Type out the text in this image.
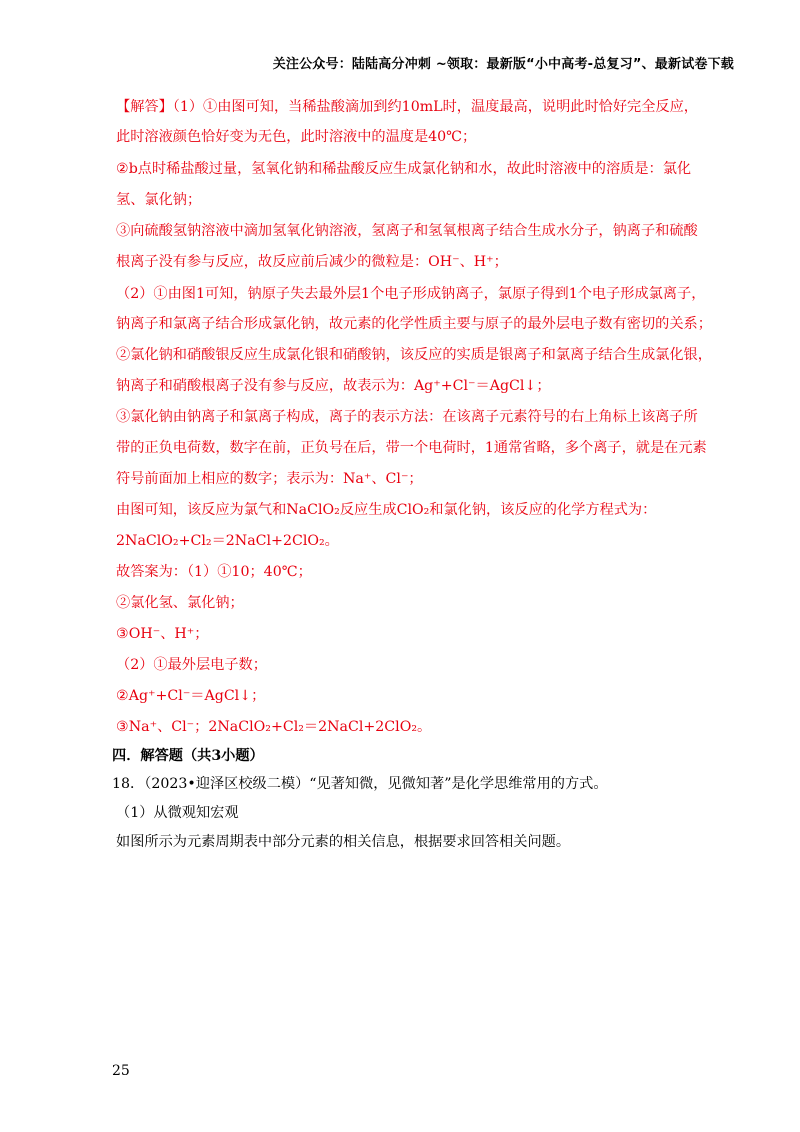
关注公众号：陆陆高分冲刺 ~领取：最新版“小中高考-总复习”、最新试卷下载
【解答】（1）①由图可知，当稀盐酸滴加到约10mL时，温度最高，说明此时恰好完全反应，
此时溶液颜色恰好变为无色，此时溶液中的温度是40℃；
②b点时稀盐酸过量，氢氧化钠和稀盐酸反应生成氯化钠和水，故此时溶液中的溶质是：氯化
氢、氯化钠；
③向硫酸氢钠溶液中滴加氢氧化钠溶液，氢离子和氢氧根离子结合生成水分子，钠离子和硫酸
根离子没有参与反应，故反应前后减少的微粒是：OH⁻、H⁺；
（2）①由图1可知，钠原子失去最外层1个电子形成钠离子，氯原子得到1个电子形成氯离子，
钠离子和氯离子结合形成氯化钠，故元素的化学性质主要与原子的最外层电子数有密切的关系；
②氯化钠和硝酸银反应生成氯化银和硝酸钠，该反应的实质是银离子和氯离子结合生成氯化银，
钠离子和硝酸根离子没有参与反应，故表示为：Ag⁺+Cl⁻＝AgCl↓；
③氯化钠由钠离子和氯离子构成，离子的表示方法：在该离子元素符号的右上角标上该离子所
带的正负电荷数，数字在前，正负号在后，带一个电荷时，1通常省略，多个离子，就是在元素
符号前面加上相应的数字；表示为：Na⁺、Cl⁻；
由图可知，该反应为氯气和NaClO₂反应生成ClO₂和氯化钠，该反应的化学方程式为：
2NaClO₂+Cl₂＝2NaCl+2ClO₂。
故答案为：（1）①10；40℃；
②氯化氢、氯化钠；
③OH⁻、H⁺；
（2）①最外层电子数；
②Ag⁺+Cl⁻＝AgCl↓；
③Na⁺、Cl⁻；2NaClO₂+Cl₂＝2NaCl+2ClO₂。
四．解答题（共3小题）
18．（2023•迎泽区校级二模）“见著知微，见微知著”是化学思维常用的方式。
（1）从微观知宏观
如图所示为元素周期表中部分元素的相关信息，根据要求回答相关问题。
25
